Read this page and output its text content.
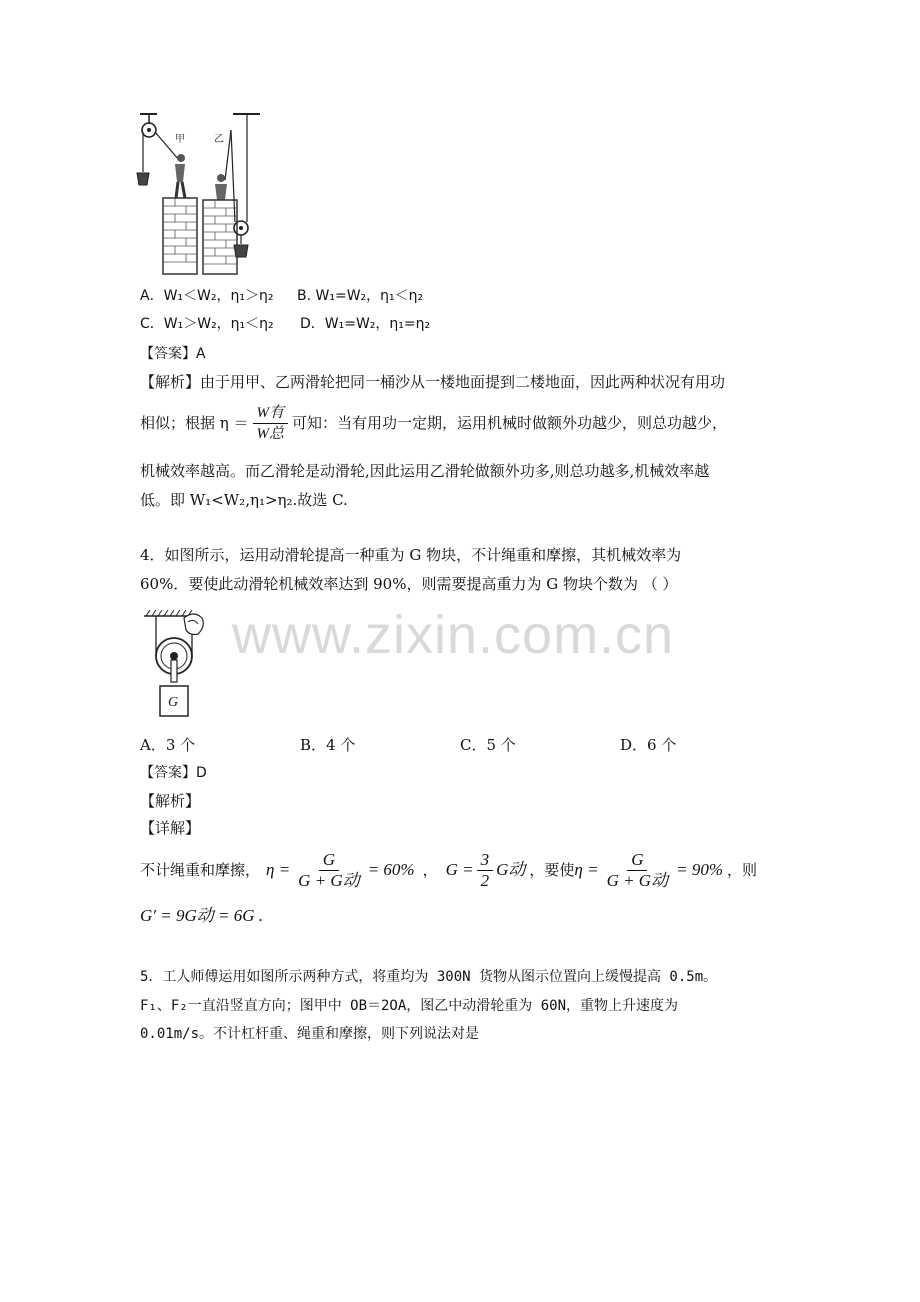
甲	乙
A．W₁＜W₂，η₁＞η₂ B. W₁=W₂，η₁＜η₂
C．W₁＞W₂，η₁＜η₂ D．W₁=W₂，η₁=η₂
【答案】A
【解析】由于用甲、乙两滑轮把同一桶沙从一楼地面提到二楼地面，因此两种状况有用功
相似；根据 $\eta = \frac{\text{W有}}{\text{W总}}$ 可知：当有用功一定期，运用机械时做额外功越少，则总功越少，
机械效率越高。而乙滑轮是动滑轮,因此运用乙滑轮做额外功多,则总功越多,机械效率越
低。即 W₁<W₂,η₁>η₂.故选 C.
4．如图所示，运用动滑轮提高一种重为 G 物块，不计绳重和摩擦，其机械效率为
60%．要使此动滑轮机械效率达到 90%，则需要提高重力为 G 物块个数为 （ ）
www.zixin.com.cn
G
A．3 个	B．4 个	C．5 个	D．6 个
【答案】D
【解析】
【详解】
不计绳重和摩擦， $\eta = \frac{G}{\text{G + G动}} = 60\%$ ， $G = \frac{3}{2}$ G动 ，要使 $\eta = \frac{G}{\text{G + G动}} = 90\%$ ，则
G′ = 9G动 = 6G .
5．工人师傅运用如图所示两种方式，将重均为 300N 货物从图示位置向上缓慢提高 0.5m。
F₁、F₂一直沿竖直方向；图甲中 OB＝2OA，图乙中动滑轮重为 60N，重物上升速度为
0.01m/s。不计杠杆重、绳重和摩擦，则下列说法对是
